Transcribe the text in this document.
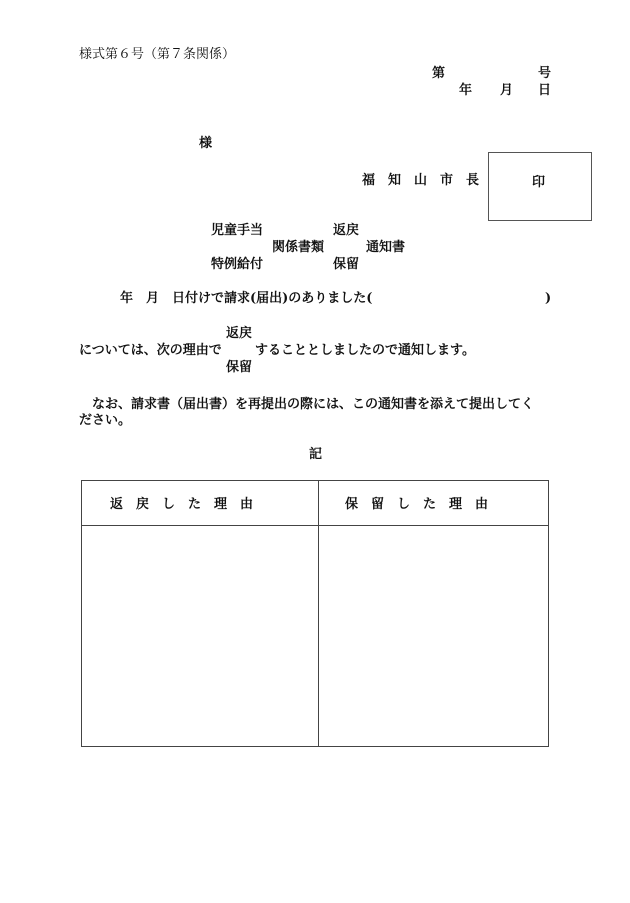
様式第６号（第７条関係）
第	号
年 月 日
様
福　知　山　市　長	印
児童手当	返戻
関係書類	通知書
特例給付	保留
年　月　日付けで請求(届出)のありました(	)
返戻
については、次の理由で	することとしましたので通知します。
保留
　なお、請求書（届出書）を再提出の際には、この通知書を添えて提出してく
ださい。
記
返　戻　し　た　理　由	保　留　し　た　理　由
